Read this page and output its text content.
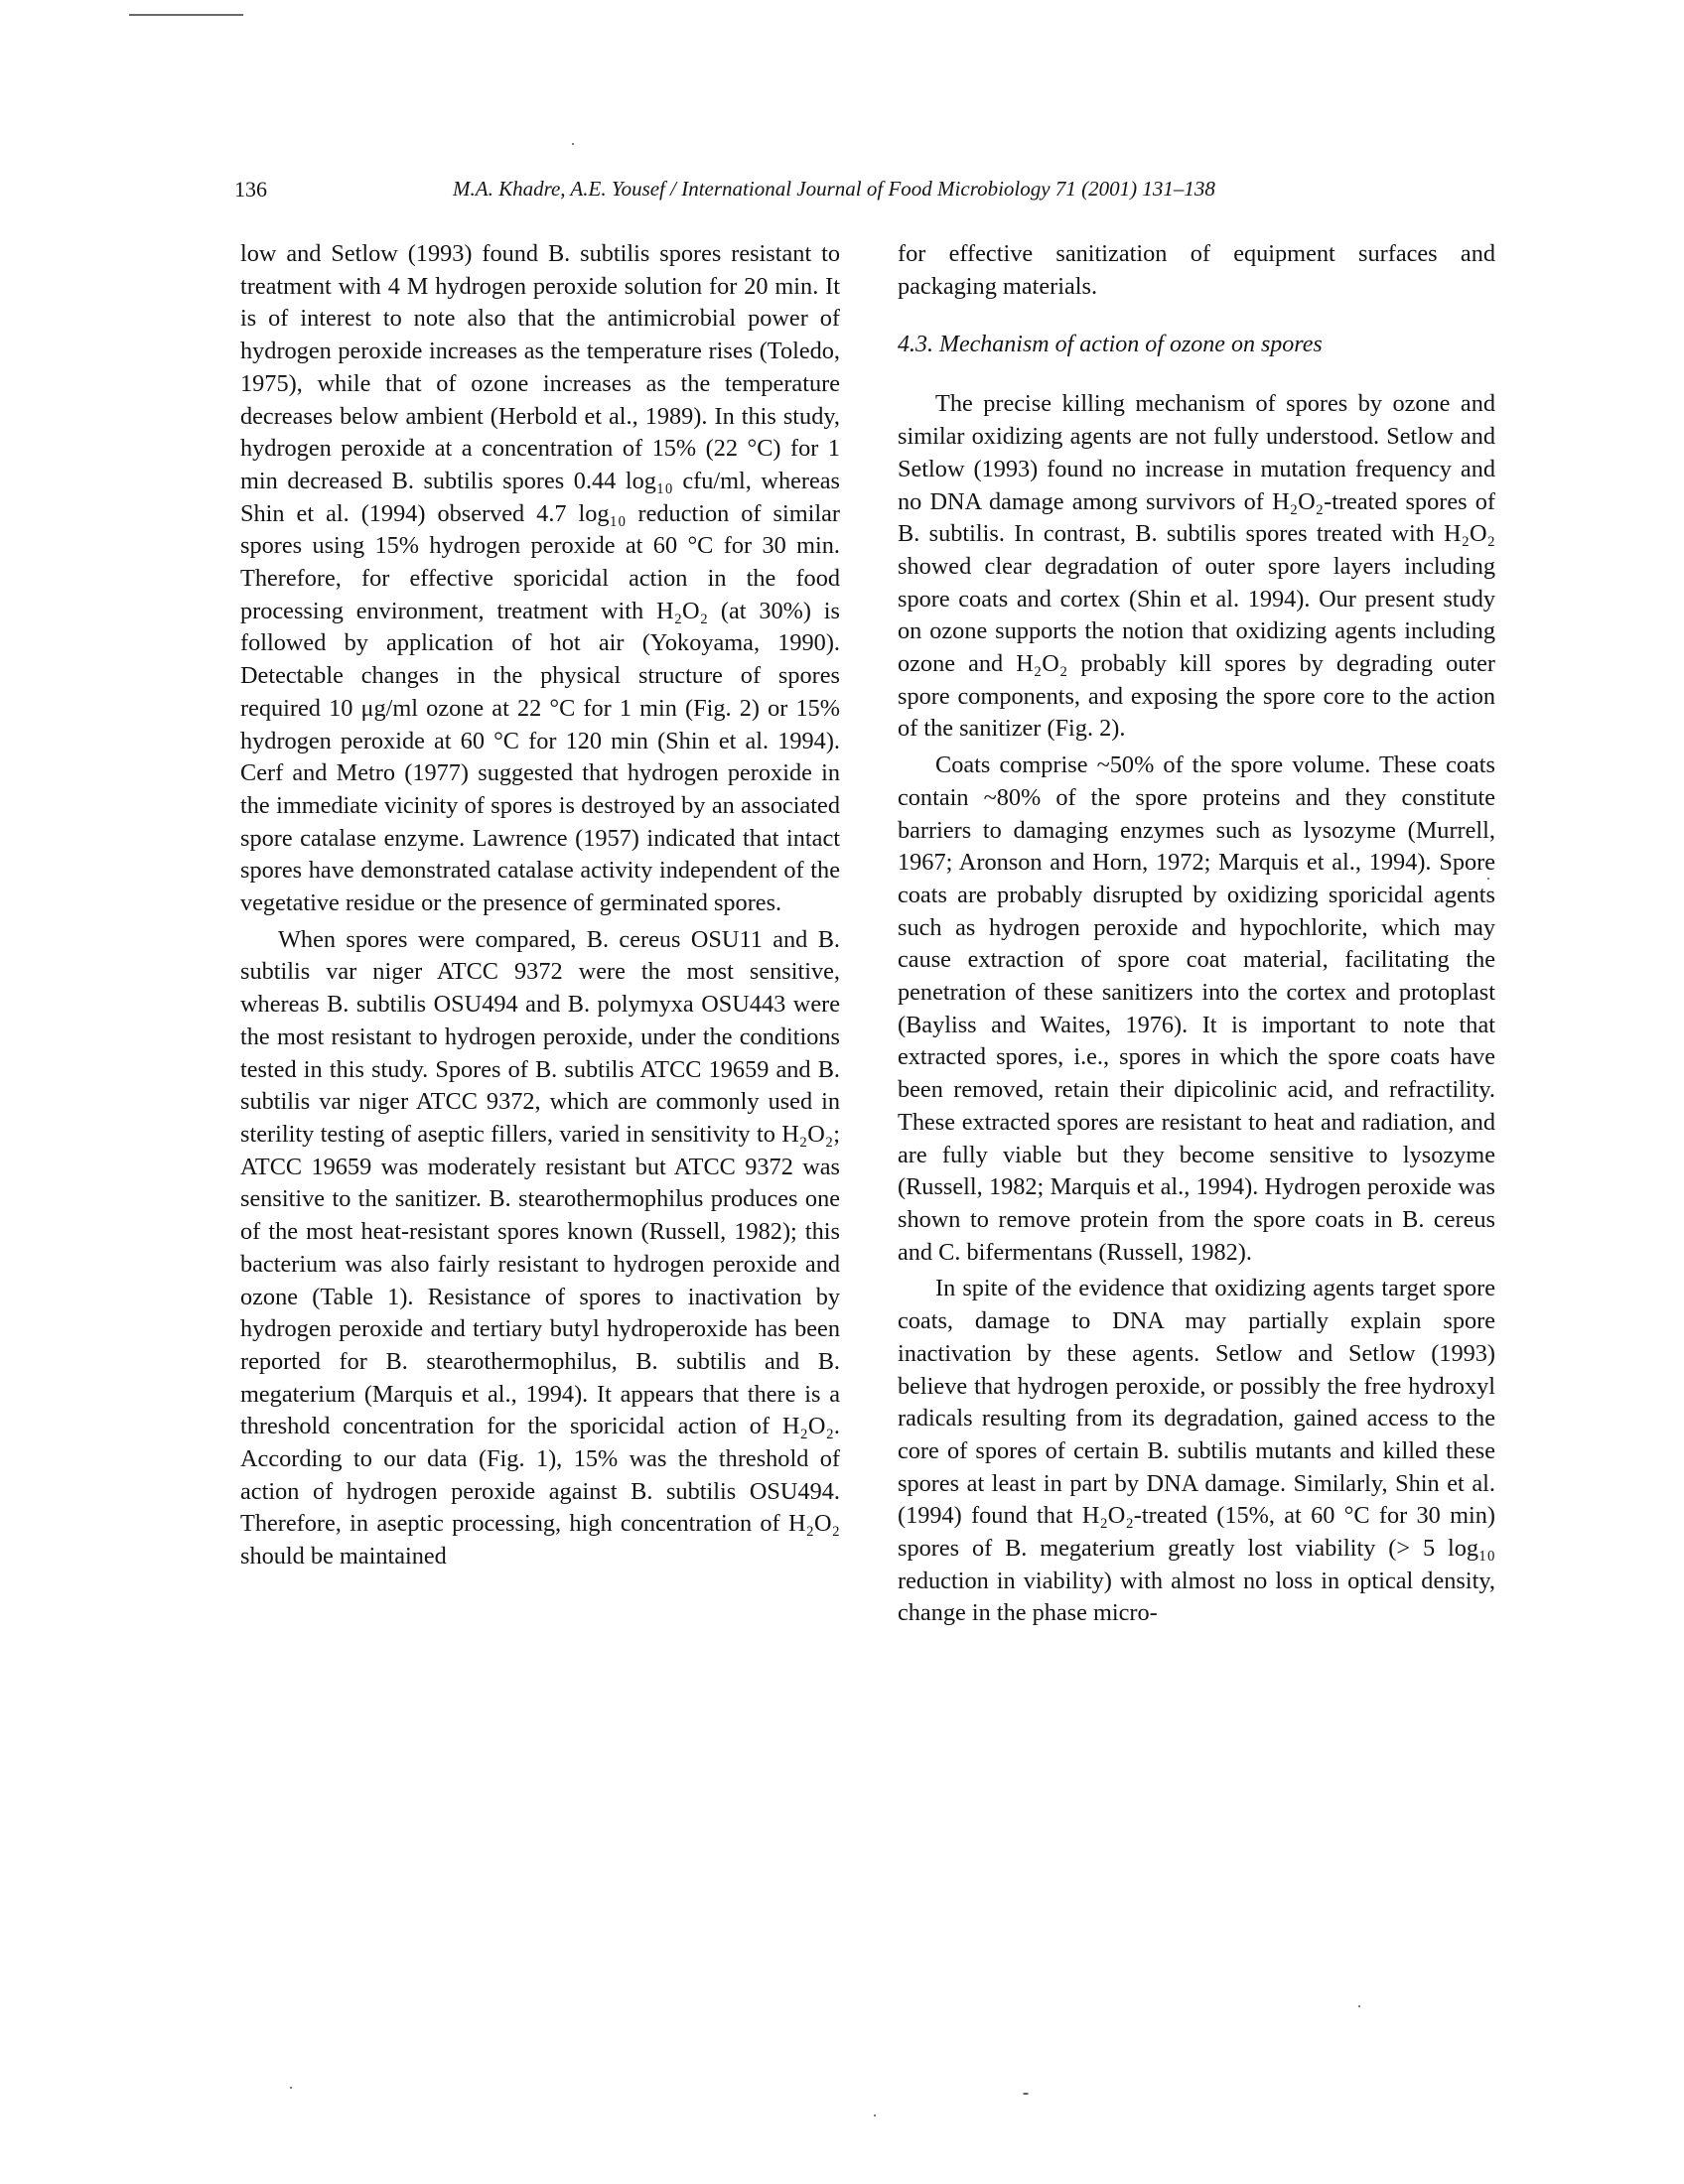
136	M.A. Khadre, A.E. Yousef / International Journal of Food Microbiology 71 (2001) 131–138

low and Setlow (1993) found B. subtilis spores resistant to treatment with 4 M hydrogen peroxide solution for 20 min. It is of interest to note also that the antimicrobial power of hydrogen peroxide increases as the temperature rises (Toledo, 1975), while that of ozone increases as the temperature decreases below ambient (Herbold et al., 1989). In this study, hydrogen peroxide at a concentration of 15% (22 °C) for 1 min decreased B. subtilis spores 0.44 log₁₀ cfu/ml, whereas Shin et al. (1994) observed 4.7 log₁₀ reduction of similar spores using 15% hydrogen peroxide at 60 °C for 30 min. Therefore, for effective sporicidal action in the food processing environment, treatment with H₂O₂ (at 30%) is followed by application of hot air (Yokoyama, 1990). Detectable changes in the physical structure of spores required 10 μg/ml ozone at 22 °C for 1 min (Fig. 2) or 15% hydrogen peroxide at 60 °C for 120 min (Shin et al. 1994). Cerf and Metro (1977) suggested that hydrogen peroxide in the immediate vicinity of spores is destroyed by an associated spore catalase enzyme. Lawrence (1957) indicated that intact spores have demonstrated catalase activity independent of the vegetative residue or the presence of germinated spores.

When spores were compared, B. cereus OSU11 and B. subtilis var niger ATCC 9372 were the most sensitive, whereas B. subtilis OSU494 and B. polymyxa OSU443 were the most resistant to hydrogen peroxide, under the conditions tested in this study. Spores of B. subtilis ATCC 19659 and B. subtilis var niger ATCC 9372, which are commonly used in sterility testing of aseptic fillers, varied in sensitivity to H₂O₂; ATCC 19659 was moderately resistant but ATCC 9372 was sensitive to the sanitizer. B. stearothermophilus produces one of the most heat-resistant spores known (Russell, 1982); this bacterium was also fairly resistant to hydrogen peroxide and ozone (Table 1). Resistance of spores to inactivation by hydrogen peroxide and tertiary butyl hydroperoxide has been reported for B. stearothermophilus, B. subtilis and B. megaterium (Marquis et al., 1994). It appears that there is a threshold concentration for the sporicidal action of H₂O₂. According to our data (Fig. 1), 15% was the threshold of action of hydrogen peroxide against B. subtilis OSU494. Therefore, in aseptic processing, high concentration of H₂O₂ should be maintained

for effective sanitization of equipment surfaces and packaging materials.

4.3. Mechanism of action of ozone on spores

The precise killing mechanism of spores by ozone and similar oxidizing agents are not fully understood. Setlow and Setlow (1993) found no increase in mutation frequency and no DNA damage among survivors of H₂O₂-treated spores of B. subtilis. In contrast, B. subtilis spores treated with H₂O₂ showed clear degradation of outer spore layers including spore coats and cortex (Shin et al. 1994). Our present study on ozone supports the notion that oxidizing agents including ozone and H₂O₂ probably kill spores by degrading outer spore components, and exposing the spore core to the action of the sanitizer (Fig. 2).

Coats comprise ~50% of the spore volume. These coats contain ~80% of the spore proteins and they constitute barriers to damaging enzymes such as lysozyme (Murrell, 1967; Aronson and Horn, 1972; Marquis et al., 1994). Spore coats are probably disrupted by oxidizing sporicidal agents such as hydrogen peroxide and hypochlorite, which may cause extraction of spore coat material, facilitating the penetration of these sanitizers into the cortex and protoplast (Bayliss and Waites, 1976). It is important to note that extracted spores, i.e., spores in which the spore coats have been removed, retain their dipicolinic acid, and refractility. These extracted spores are resistant to heat and radiation, and are fully viable but they become sensitive to lysozyme (Russell, 1982; Marquis et al., 1994). Hydrogen peroxide was shown to remove protein from the spore coats in B. cereus and C. bifermentans (Russell, 1982).

In spite of the evidence that oxidizing agents target spore coats, damage to DNA may partially explain spore inactivation by these agents. Setlow and Setlow (1993) believe that hydrogen peroxide, or possibly the free hydroxyl radicals resulting from its degradation, gained access to the core of spores of certain B. subtilis mutants and killed these spores at least in part by DNA damage. Similarly, Shin et al. (1994) found that H₂O₂-treated (15%, at 60 °C for 30 min) spores of B. megaterium greatly lost viability (> 5 log₁₀ reduction in viability) with almost no loss in optical density, change in the phase micro-
